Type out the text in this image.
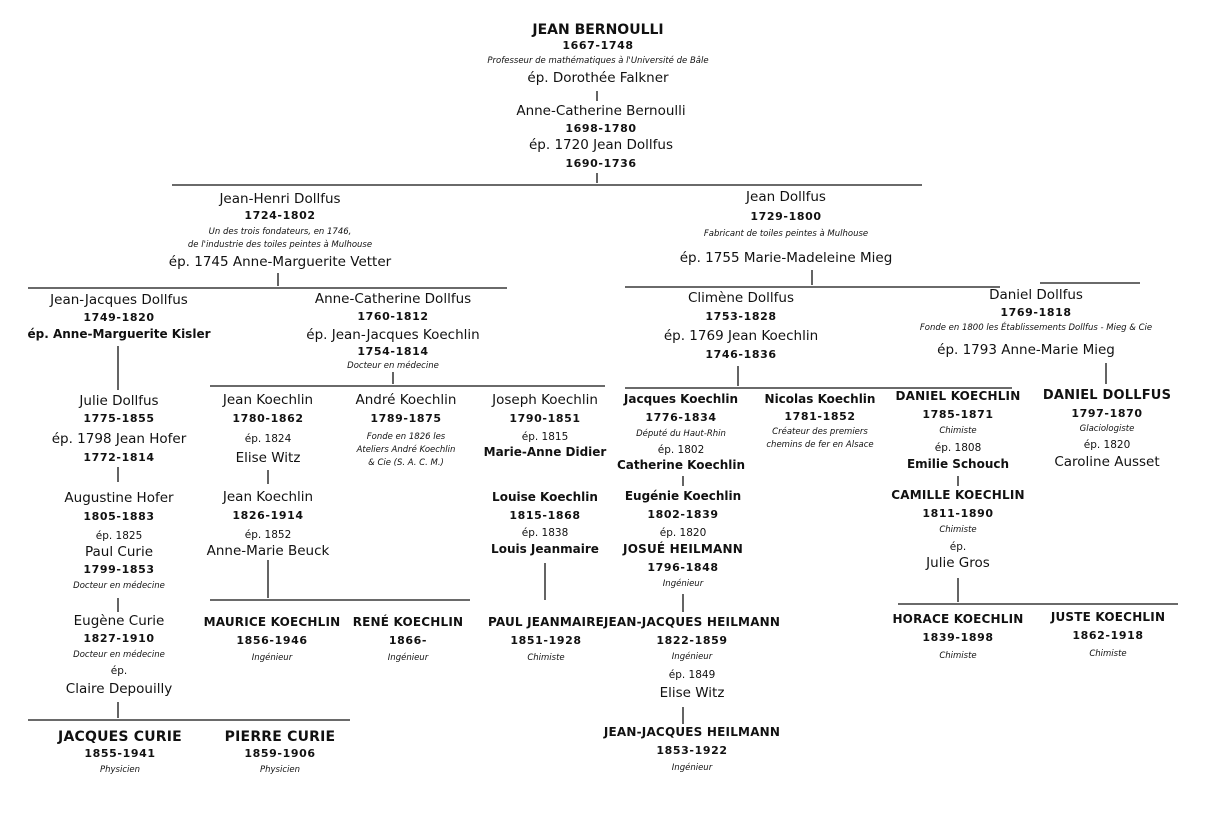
JEAN BERNOULLI
1667-1748
Professeur de mathématiques à l'Université de Bâle
ép. Dorothée Falkner
Anne-Catherine Bernoulli
1698-1780
ép. 1720 Jean Dollfus
1690-1736
Jean-Henri Dollfus
1724-1802
Un des trois fondateurs, en 1746,
de l'industrie des toiles peintes à Mulhouse
ép. 1745 Anne-Marguerite Vetter
Jean Dollfus
1729-1800
Fabricant de toiles peintes à Mulhouse
ép. 1755 Marie-Madeleine Mieg
Jean-Jacques Dollfus
1749-1820
ép. Anne-Marguerite Kisler
Anne-Catherine Dollfus
1760-1812
ép. Jean-Jacques Koechlin
1754-1814
Docteur en médecine
Climène Dollfus
1753-1828
ép. 1769 Jean Koechlin
1746-1836
Daniel Dollfus
1769-1818
Fonde en 1800 les Établissements Dollfus - Mieg & Cie
ép. 1793 Anne-Marie Mieg
Julie Dollfus
1775-1855
ép. 1798 Jean Hofer
1772-1814
Augustine Hofer
1805-1883
ép. 1825
Paul Curie
1799-1853
Docteur en médecine
Eugène Curie
1827-1910
Docteur en médecine
ép.
Claire Depouilly
JACQUES CURIE
1855-1941
Physicien
PIERRE CURIE
1859-1906
Physicien
Jean Koechlin
1780-1862
ép. 1824
Elise Witz
Jean Koechlin
1826-1914
ép. 1852
Anne-Marie Beuck
André Koechlin
1789-1875
Fonde en 1826 les
Ateliers André Koechlin
& Cie (S. A. C. M.)
Joseph Koechlin
1790-1851
ép. 1815
Marie-Anne Didier
Louise Koechlin
1815-1868
ép. 1838
Louis Jeanmaire
MAURICE KOECHLIN
1856-1946
Ingénieur
RENÉ KOECHLIN
1866-
Ingénieur
PAUL JEANMAIRE
1851-1928
Chimiste
Jacques Koechlin
1776-1834
Député du Haut-Rhin
ép. 1802
Catherine Koechlin
Eugénie Koechlin
1802-1839
ép. 1820
JOSUÉ HEILMANN
1796-1848
Ingénieur
JEAN-JACQUES HEILMANN
1822-1859
Ingénieur
ép. 1849
Elise Witz
JEAN-JACQUES HEILMANN
1853-1922
Ingénieur
Nicolas Koechlin
1781-1852
Créateur des premiers
chemins de fer en Alsace
DANIEL KOECHLIN
1785-1871
Chimiste
ép. 1808
Emilie Schouch
CAMILLE KOECHLIN
1811-1890
Chimiste
ép.
Julie Gros
HORACE KOECHLIN
1839-1898
Chimiste
JUSTE KOECHLIN
1862-1918
Chimiste
DANIEL DOLLFUS
1797-1870
Glaciologiste
ép. 1820
Caroline Ausset
